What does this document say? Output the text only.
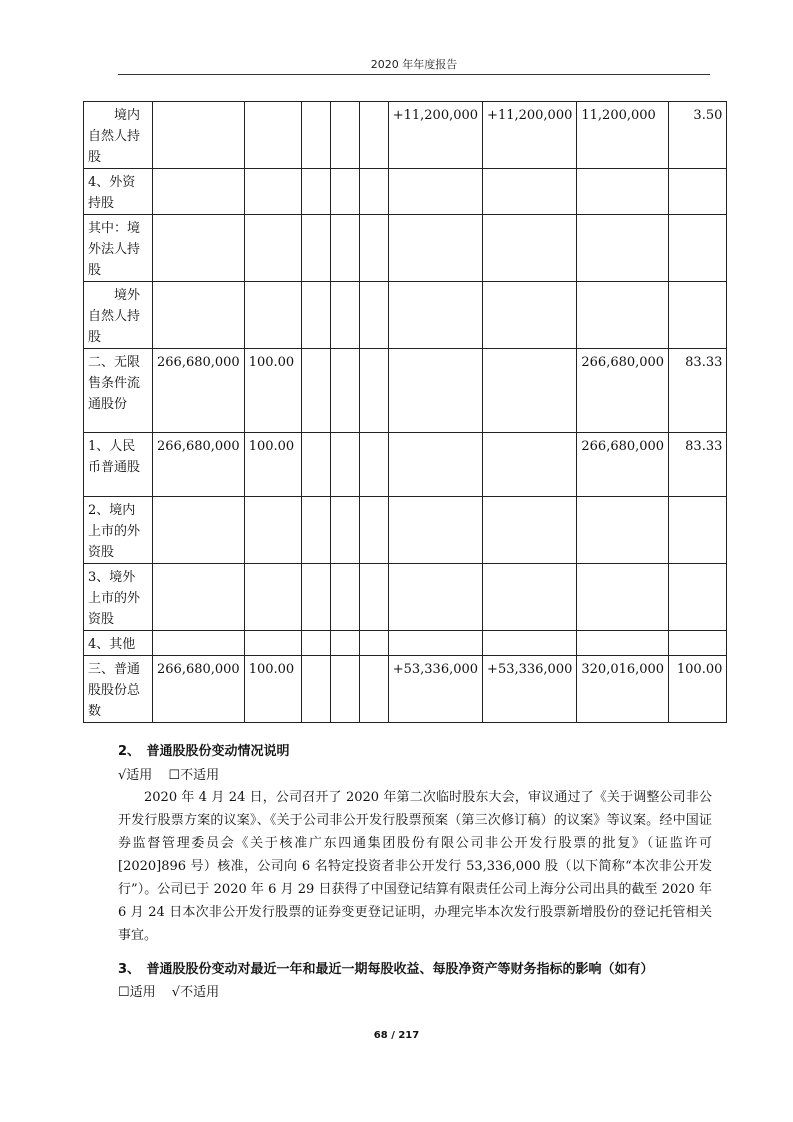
2020 年年度报告
　　境内自然人持股						+11,200,000	+11,200,000	11,200,000	3.50
4、外资持股									
其中：境外法人持股									
　　境外自然人持股									
二、无限售条件流通股份	266,680,000	100.00						266,680,000	83.33
1、人民币普通股	266,680,000	100.00						266,680,000	83.33
2、境内上市的外资股									
3、境外上市的外资股									
4、其他									
三、普通股股份总数	266,680,000	100.00				+53,336,000	+53,336,000	320,016,000	100.00
2、　普通股股份变动情况说明
√适用 ☐不适用
2020 年 4 月 24 日，公司召开了 2020 年第二次临时股东大会，审议通过了《关于调整公司非公开发行股票方案的议案》、《关于公司非公开发行股票预案（第三次修订稿）的议案》等议案。经中国证券监督管理委员会《关于核准广东四通集团股份有限公司非公开发行股票的批复》（证监许可[2020]896 号）核准，公司向 6 名特定投资者非公开发行 53,336,000 股（以下简称“本次非公开发行”）。公司已于 2020 年 6 月 29 日获得了中国登记结算有限责任公司上海分公司出具的截至 2020 年 6 月 24 日本次非公开发行股票的证券变更登记证明，办理完毕本次发行股票新增股份的登记托管相关事宜。
3、　普通股股份变动对最近一年和最近一期每股收益、每股净资产等财务指标的影响（如有）
☐适用 √不适用
68 / 217
